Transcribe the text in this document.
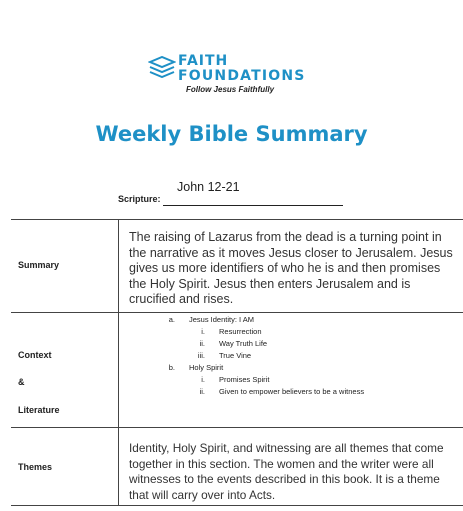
FAITH
FOUNDATIONS
Follow Jesus Faithfully
Weekly Bible Summary
Scripture:
John 12-21
Summary
The raising of Lazarus from the dead is a turning point in the narrative as it moves Jesus closer to Jerusalem. Jesus gives us more identifiers of who he is and then promises the Holy Spirit. Jesus then enters Jerusalem and is crucified and rises.
Context
&
Literature
a. Jesus Identity: I AM
i. Resurrection
ii. Way Truth Life
iii. True Vine
b. Holy Spirit
i. Promises Spirit
ii. Given to empower believers to be a witness
Themes
Identity, Holy Spirit, and witnessing are all themes that come together in this section. The women and the writer were all witnesses to the events described in this book. It is a theme that will carry over into Acts.
